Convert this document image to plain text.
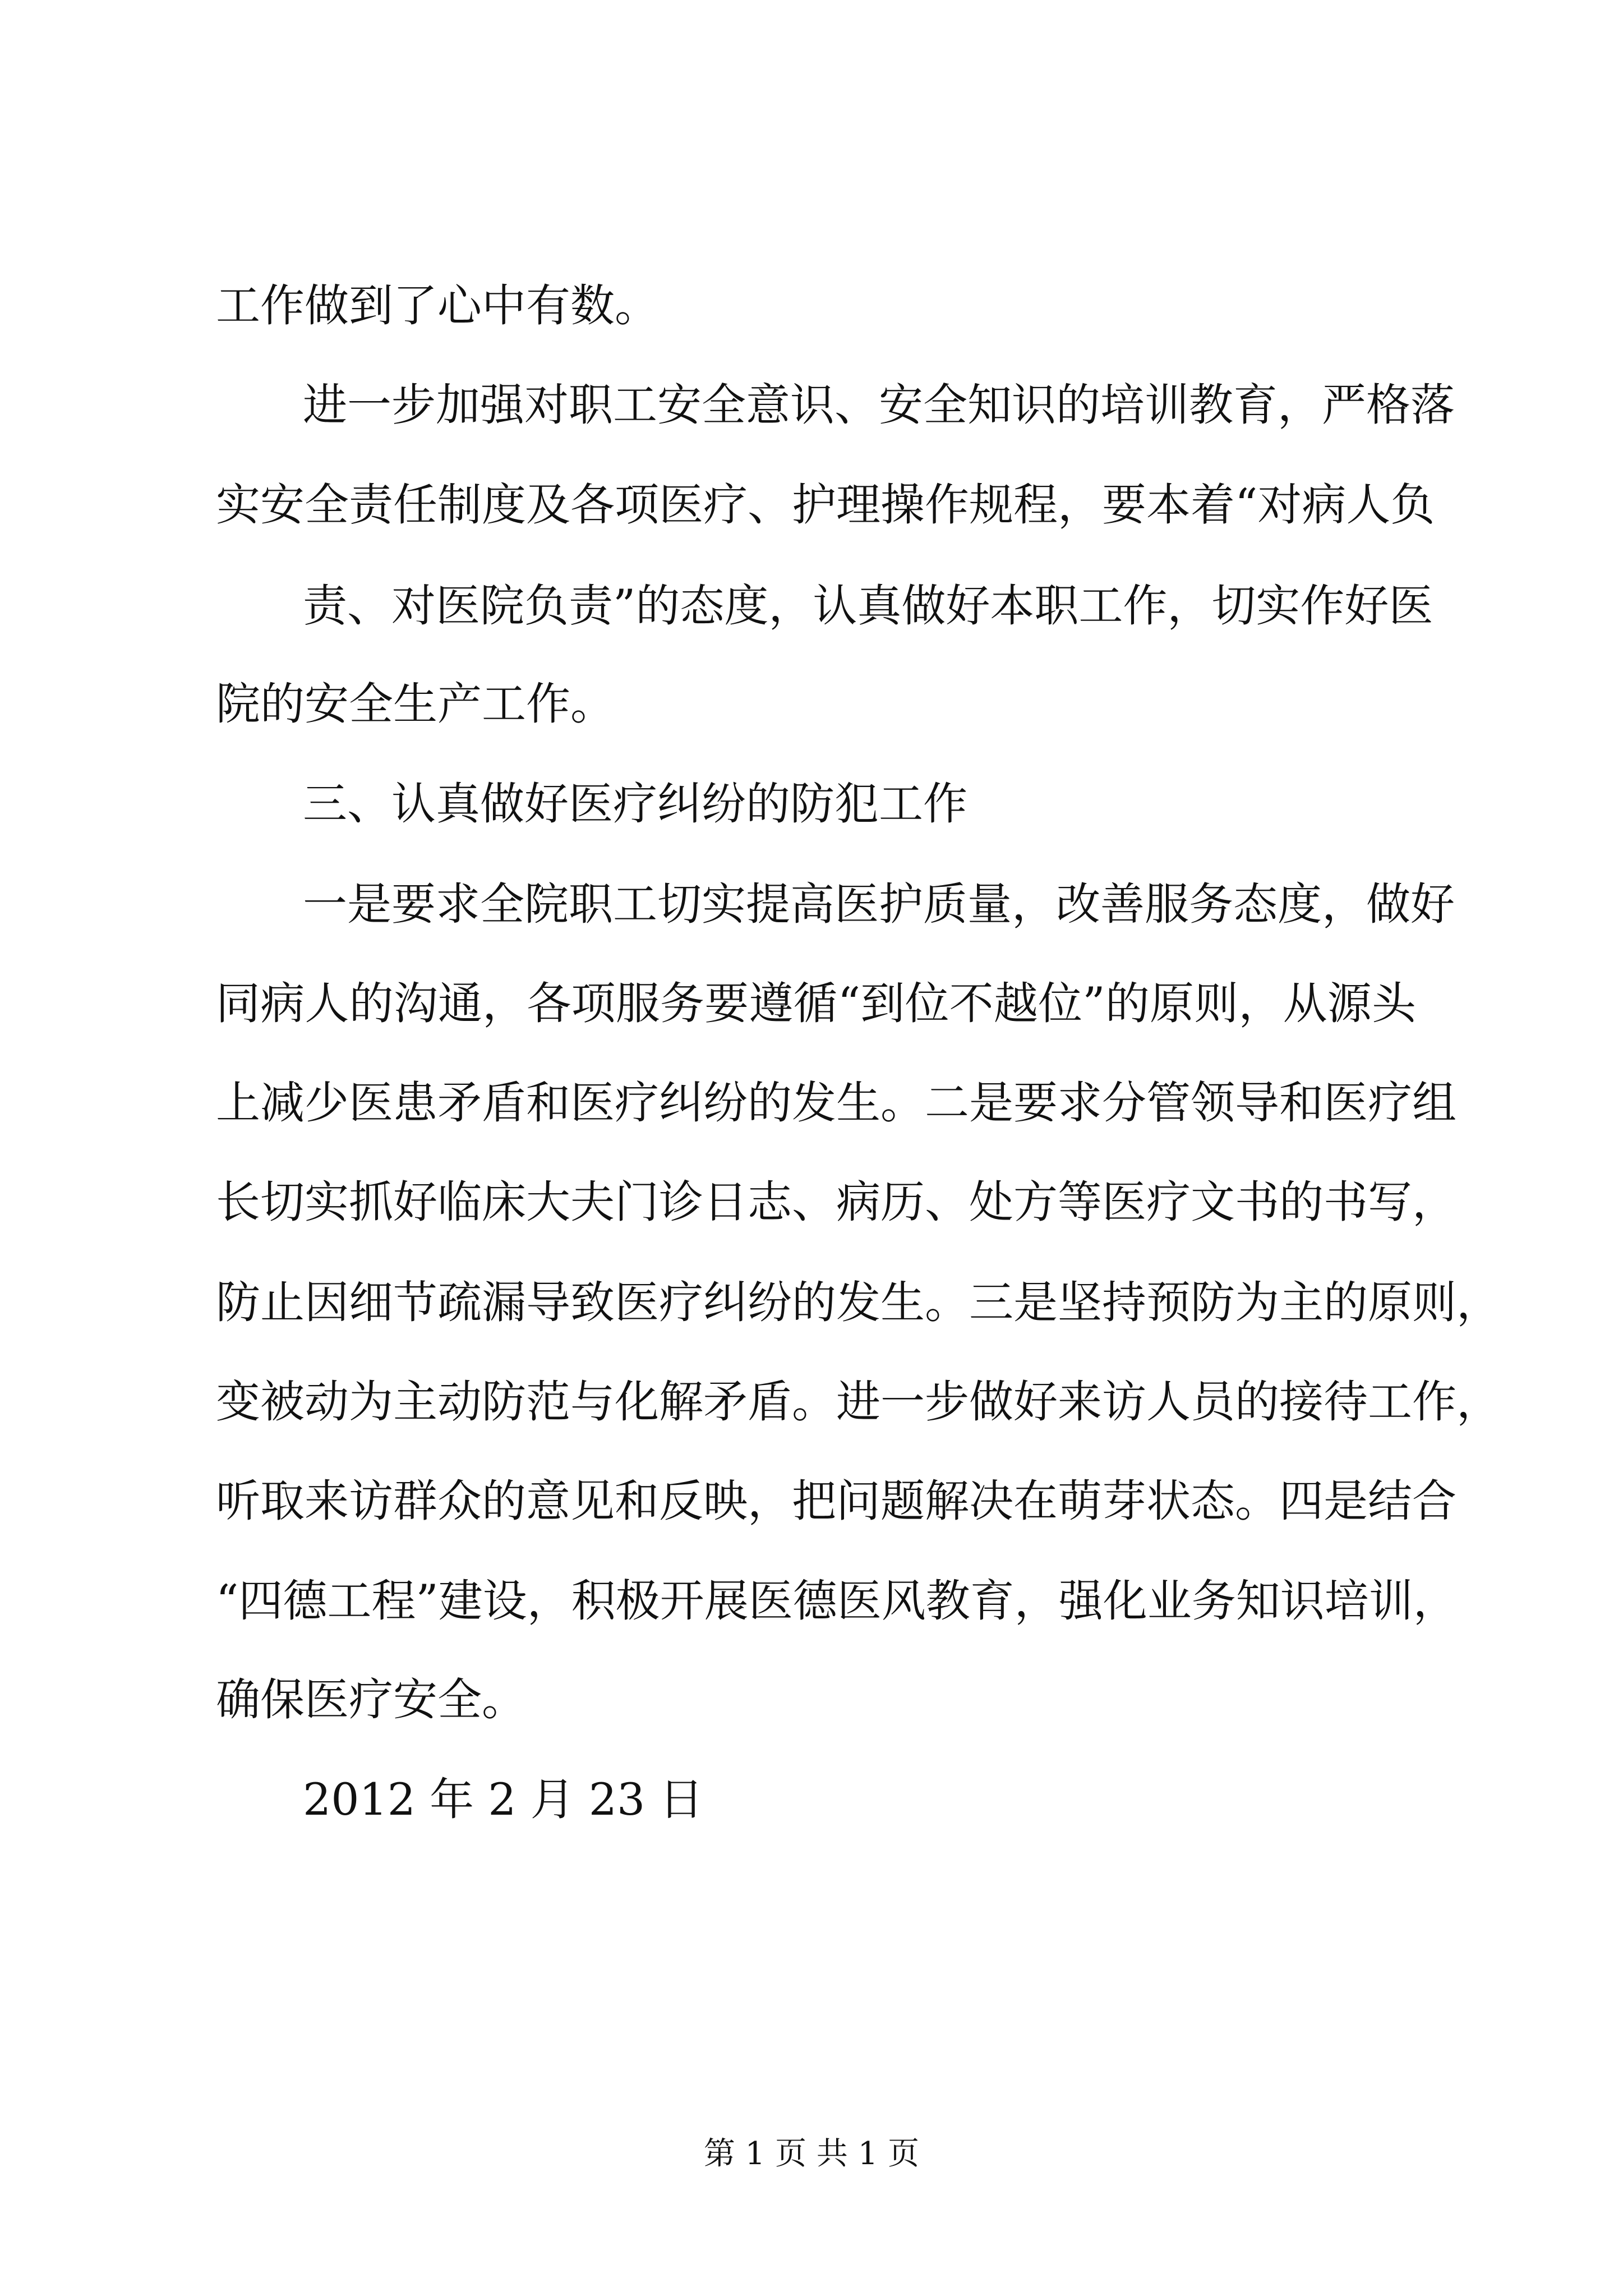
工作做到了心中有数。

进一步加强对职工安全意识、安全知识的培训教育，严格落

实安全责任制度及各项医疗、护理操作规程，要本着“对病人负

责、对医院负责”的态度，认真做好本职工作，切实作好医

院的安全生产工作。

三、认真做好医疗纠纷的防犯工作

一是要求全院职工切实提高医护质量，改善服务态度，做好

同病人的沟通，各项服务要遵循“到位不越位”的原则，从源头

上减少医患矛盾和医疗纠纷的发生。二是要求分管领导和医疗组

长切实抓好临床大夫门诊日志、病历、处方等医疗文书的书写，

防止因细节疏漏导致医疗纠纷的发生。三是坚持预防为主的原则，

变被动为主动防范与化解矛盾。进一步做好来访人员的接待工作，

听取来访群众的意见和反映，把问题解决在萌芽状态。四是结合

“四德工程”建设，积极开展医德医风教育，强化业务知识培训，

确保医疗安全。

2012 年 2 月 23 日

第 1 页 共 1 页
